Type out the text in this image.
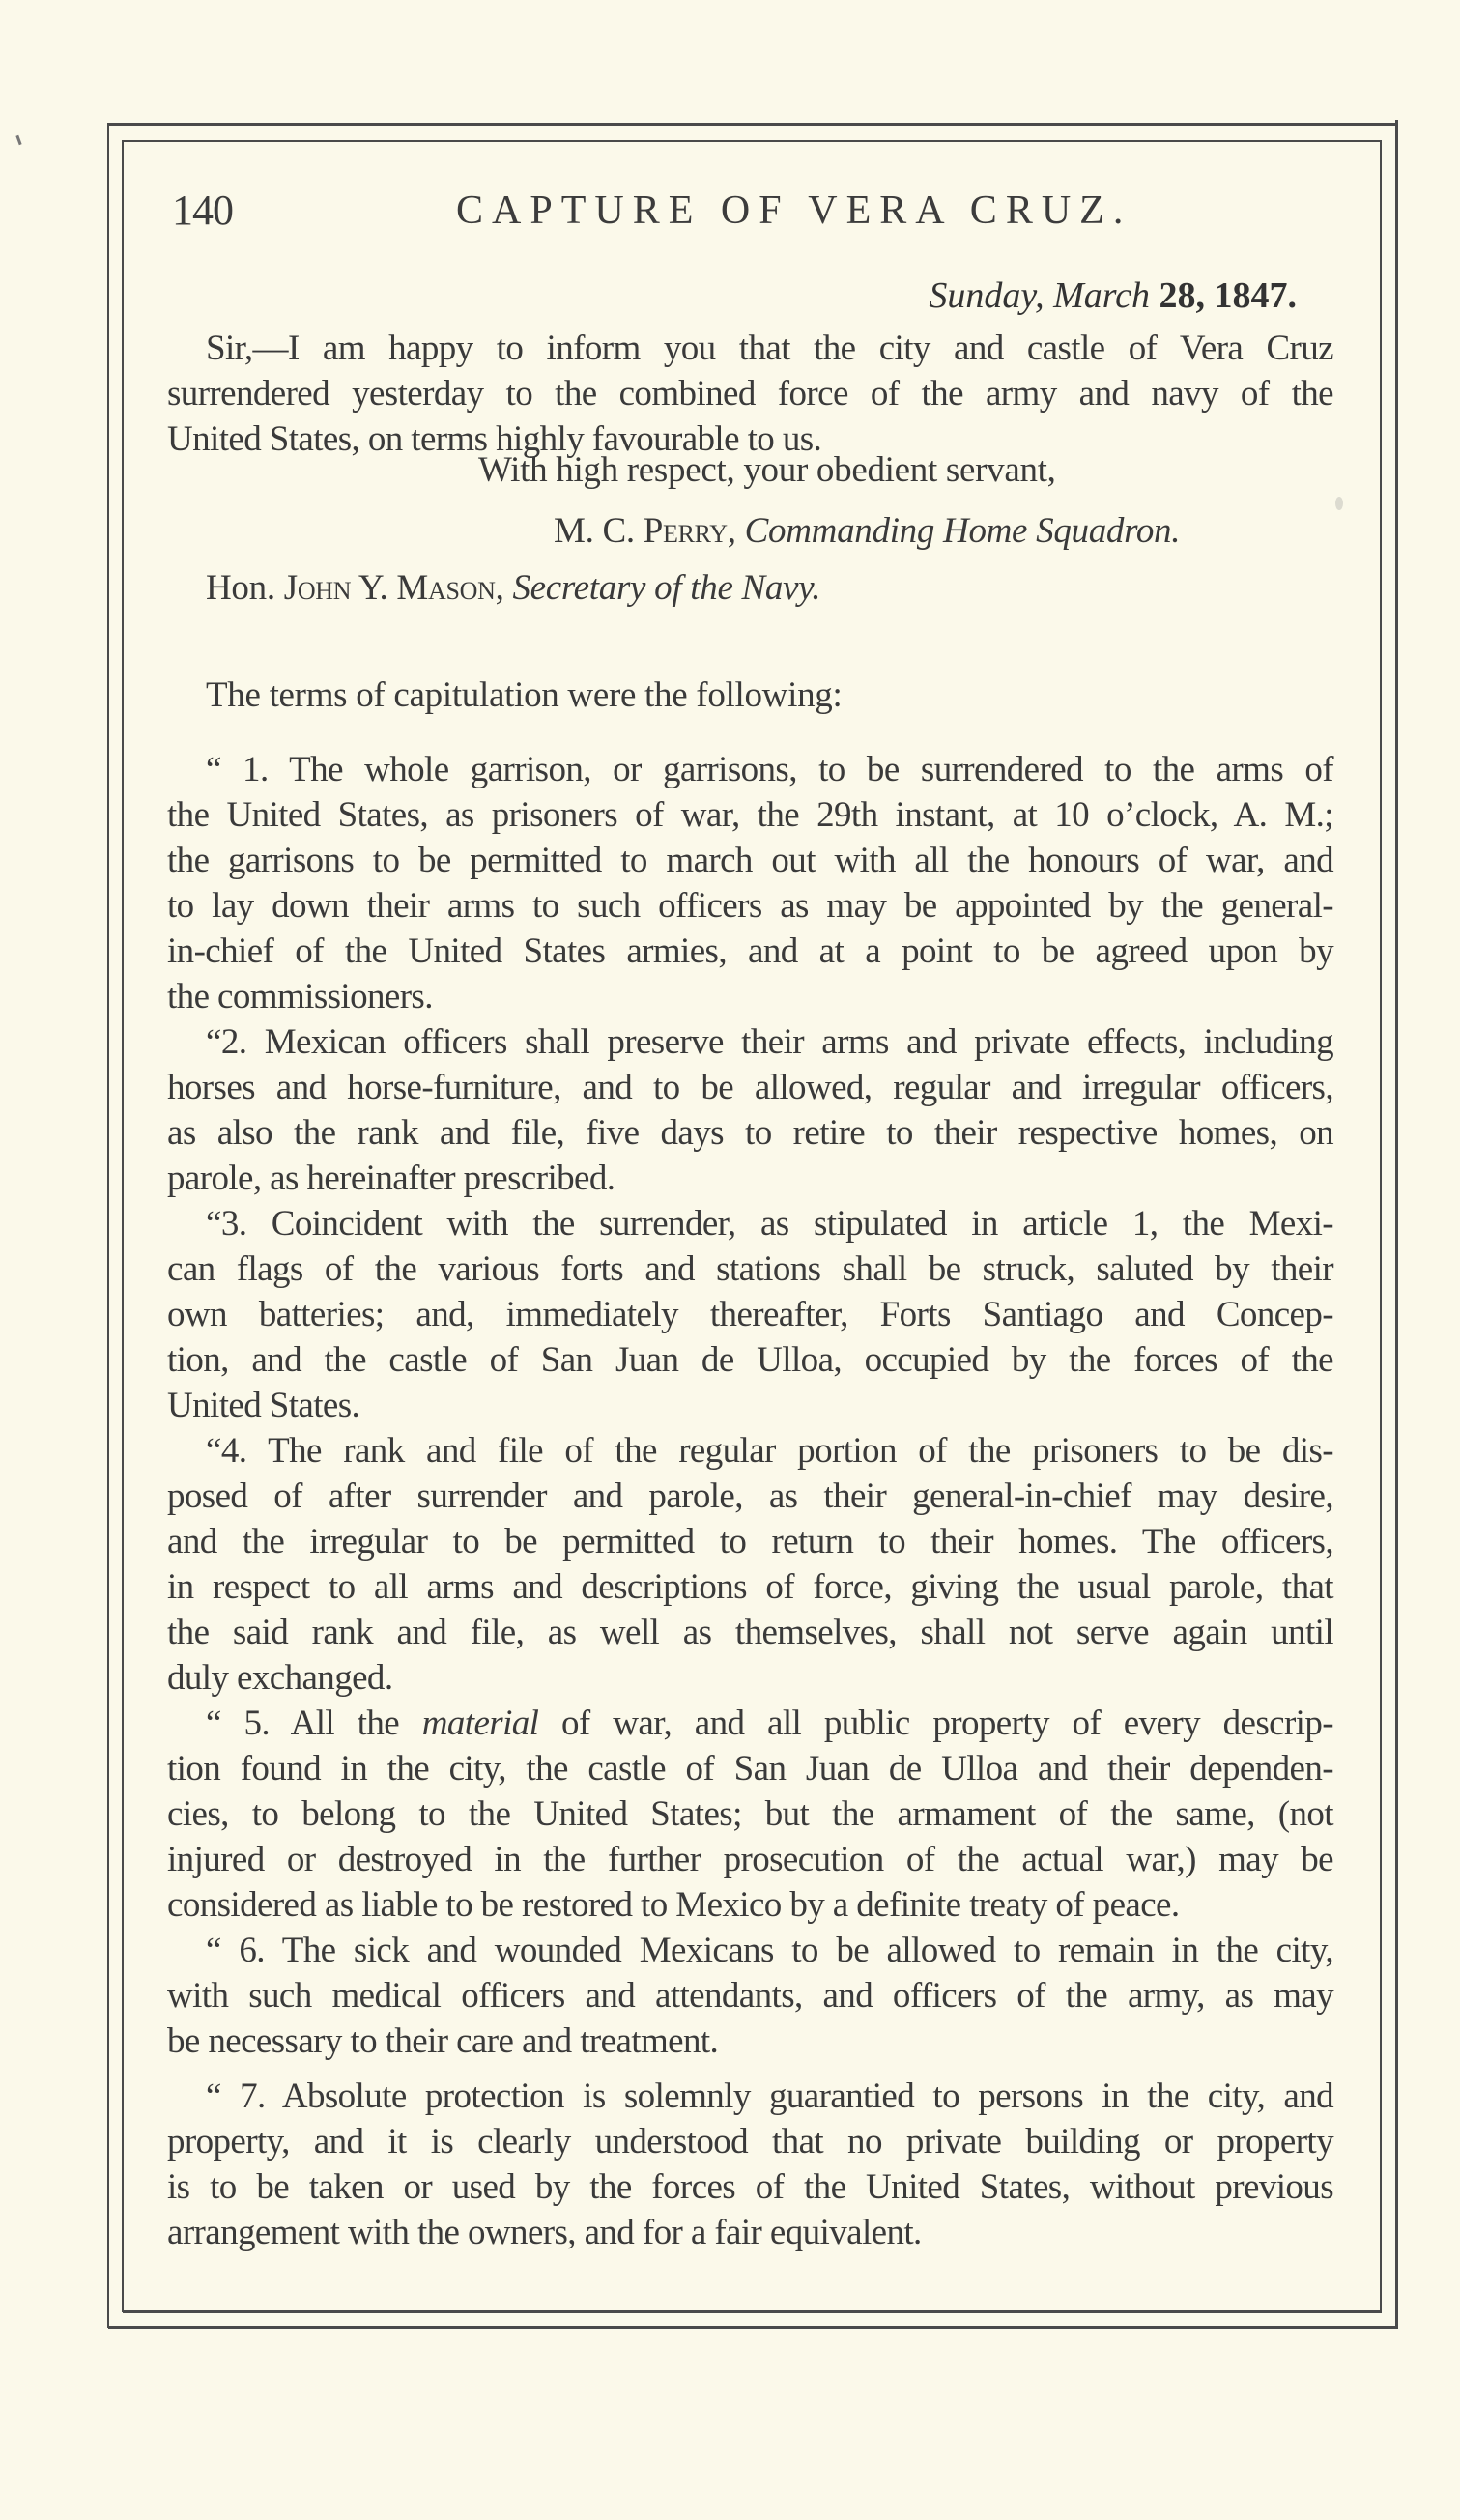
140	CAPTURE OF VERA CRUZ.
Sunday, March 28, 1847.
Sir,—I am happy to inform you that the city and castle of Vera Cruz
surrendered yesterday to the combined force of the army and navy of the
United States, on terms highly favourable to us.
With high respect, your obedient servant,
M. C. Perry, Commanding Home Squadron.
Hon. John Y. Mason, Secretary of the Navy.
The terms of capitulation were the following:
“ 1. The whole garrison, or garrisons, to be surrendered to the arms of
the United States, as prisoners of war, the 29th instant, at 10 o’clock, A. M.;
the garrisons to be permitted to march out with all the honours of war, and
to lay down their arms to such officers as may be appointed by the general-
in-chief of the United States armies, and at a point to be agreed upon by
the commissioners.
“2. Mexican officers shall preserve their arms and private effects, including
horses and horse-furniture, and to be allowed, regular and irregular officers,
as also the rank and file, five days to retire to their respective homes, on
parole, as hereinafter prescribed.
“3. Coincident with the surrender, as stipulated in article 1, the Mexi-
can flags of the various forts and stations shall be struck, saluted by their
own batteries; and, immediately thereafter, Forts Santiago and Concep-
tion, and the castle of San Juan de Ulloa, occupied by the forces of the
United States.
“4. The rank and file of the regular portion of the prisoners to be dis-
posed of after surrender and parole, as their general-in-chief may desire,
and the irregular to be permitted to return to their homes. The officers,
in respect to all arms and descriptions of force, giving the usual parole, that
the said rank and file, as well as themselves, shall not serve again until
duly exchanged.
“ 5. All the material of war, and all public property of every descrip-
tion found in the city, the castle of San Juan de Ulloa and their dependen-
cies, to belong to the United States; but the armament of the same, (not
injured or destroyed in the further prosecution of the actual war,) may be
considered as liable to be restored to Mexico by a definite treaty of peace.
“ 6. The sick and wounded Mexicans to be allowed to remain in the city,
with such medical officers and attendants, and officers of the army, as may
be necessary to their care and treatment.
“ 7. Absolute protection is solemnly guarantied to persons in the city, and
property, and it is clearly understood that no private building or property
is to be taken or used by the forces of the United States, without previous
arrangement with the owners, and for a fair equivalent.
